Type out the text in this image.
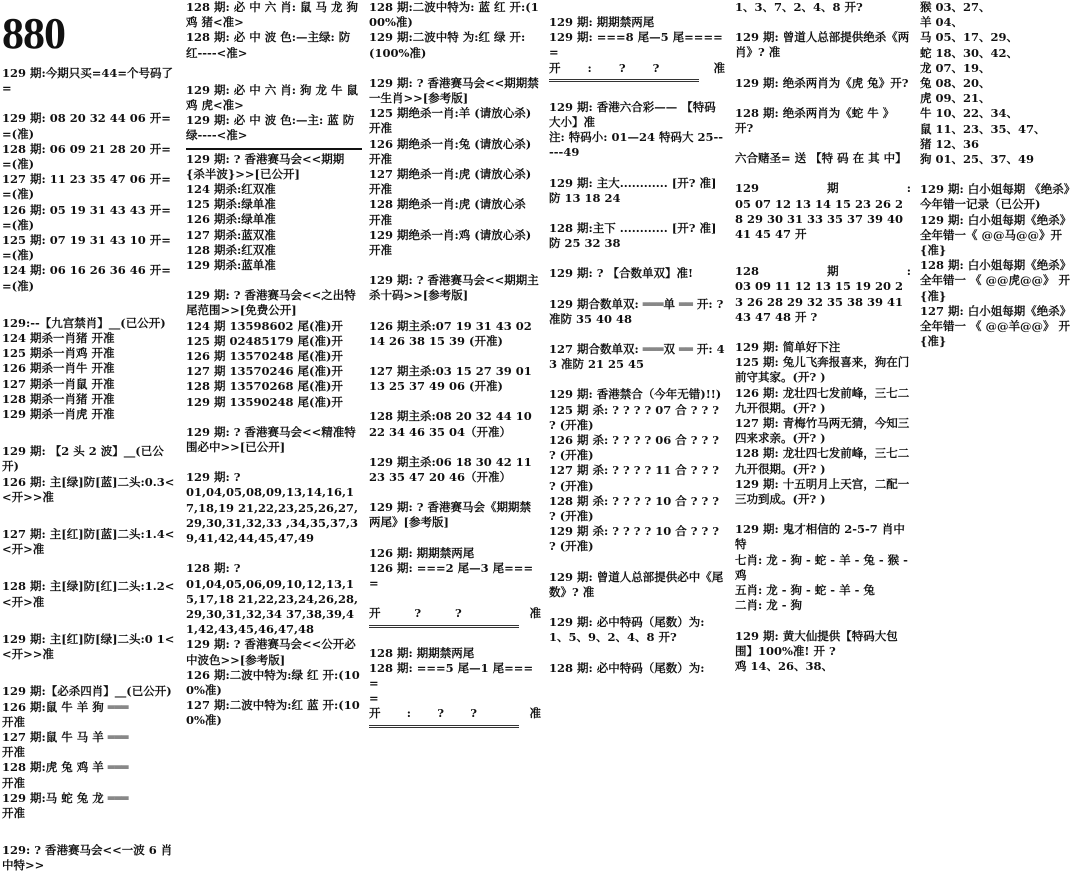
880
129 期:今期只买=44=个号码了
=
129 期: 08 20 32 44 06 开==(准)
128 期: 06 09 21 28 20 开==(准)
127 期: 11 23 35 47 06 开==(准)
126 期: 05 19 31 43 43 开==(准)
125 期: 07 19 31 43 10 开==(准)
124 期: 06 16 26 36 46 开==(准)
129:--【九宫禁肖】__(已公开)
124 期杀一肖猪 开准
125 期杀一肖鸡 开准
126 期杀一肖牛 开准
127 期杀一肖鼠 开准
128 期杀一肖猪 开准
129 期杀一肖虎 开准
129 期: 【2 头 2 波】__(已公开)
126 期: 主[绿]防[蓝]二头:0.3<<开>>准
127 期: 主[红]防[蓝]二头:1.4<<开>准
128 期: 主[绿]防[红]二头:1.2<<开>准
129 期: 主[红]防[绿]二头:0 1<<开>>准
129 期:【必杀四肖】__(已公开)
126 期:鼠 牛 羊 狗 ═══
开准
127 期:鼠 牛 马 羊 ═══
开准
128 期:虎 兔 鸡 羊 ═══
开准
129 期:马 蛇 兔 龙 ═══
开准
129: ? 香港赛马会<<一波 6 肖中特>>
128 期: 必 中 六 肖: 鼠 马 龙 狗 鸡 猪<准>
128 期: 必 中 波 色:—主绿: 防红----<准>
129 期: 必 中 六 肖: 狗 龙 牛 鼠 鸡 虎<准>
129 期: 必 中 波 色:—主: 蓝 防绿----<准>
129 期: ? 香港赛马会<<期期{杀半波}>>[已公开]
124 期杀:红双准
125 期杀:绿单准
126 期杀:绿单准
127 期杀:蓝双准
128 期杀:红双准
129 期杀:蓝单准
129 期: ? 香港赛马会<<之出特尾范围>>[免费公开]
124 期 13598602 尾(准)开
125 期 02485179 尾(准)开
126 期 13570248 尾(准)开
127 期 13570246 尾(准)开
128 期 13570268 尾(准)开
129 期 13590248 尾(准)开
129 期: ? 香港赛马会<<精准特围必中>>[已公开]
129 期: ?
01,04,05,08,09,13,14,16,17,18,19 21,22,23,25,26,27,29,30,31,32,33 ,34,35,37,39,41,42,44,45,47,49
128 期: ?
01,04,05,06,09,10,12,13,15,17,18 21,22,23,24,26,28,29,30,31,32,34 37,38,39,41,42,43,45,46,47,48
129 期: ? 香港赛马会<<公开必中波色>>[参考版]
126 期:二波中特为:绿 红 开:(100%准)
127 期:二波中特为:红 蓝 开:(100%准)
128 期:二波中特为: 蓝 红 开:(100%准)
129 期:二波中特 为:红 绿 开: (100%准)
129 期: ? 香港赛马会<<期期禁一生肖>>[参考版]
125 期绝杀一肖:羊 (请放心杀) 开准
126 期绝杀一肖:兔 (请放心杀) 开准
127 期绝杀一肖:虎 (请放心杀) 开准
128 期绝杀一肖:虎 (请放心杀 开准
129 期绝杀一肖:鸡 (请放心杀) 开准
129 期: ? 香港赛马会<<期期主杀十码>>[参考版]
126 期主杀:07 19 31 43 02 14 26 38 15 39 (开准)
127 期主杀:03 15 27 39 01 13 25 37 49 06 (开准)
128 期主杀:08 20 32 44 10 22 34 46 35 04（开准）
129 期主杀:06 18 30 42 11 23 35 47 20 46（开准）
129 期: ? 香港赛马会《期期禁两尾》[参考版]
126 期: 期期禁两尾
126 期: ===2 尾—3 尾====
开	?	?	准
128 期: 期期禁两尾
128 期: ===5 尾—1 尾====
=
开 : ? ?	准
129 期: 期期禁两尾
129 期: ===8 尾—5 尾====
=
开 : ? ?	准
129 期: 香港六合彩—— 【特码大小】准
注: 特码小: 01—24 特码大 25-----49
129 期: 主大............ [开? 准] 防 13 18 24
128 期:主下 ............ [开? 准] 防 25 32 38
129 期: ? 【合数单双】准!
129 期合数单双: ═══单 ══ 开: ? 准防 35 40 48
127 期合数单双: ═══双 ══ 开: 43 准防 21 25 45
129 期: 香港禁合（今年无错)!!)
125 期 杀: ? ? ? ? 07 合 ? ? ? ? (开准)
126 期 杀: ? ? ? ? 06 合 ? ? ? ? (开准)
127 期 杀: ? ? ? ? 11 合 ? ? ? ? (开准)
128 期 杀: ? ? ? ? 10 合 ? ? ? ? (开准)
129 期 杀: ? ? ? ? 10 合 ? ? ? ? (开准)
129 期: 曾道人总部提供必中《尾数》? 准
129 期: 必中特码（尾数）为: 1、5、9、2、4、8 开?
128 期: 必中特码（尾数）为:
1、3、7、2、4、8 开?
129 期: 曾道人总部提供绝杀《两肖》? 准
129 期: 绝杀两肖为《虎 兔》开?
128 期: 绝杀两肖为《蛇 牛 》开?
六合赌圣= 送 【特 码 在 其 中】
129	期	:
05 07 12 13 14 15 23 26 28 29 30 31 33 35 37 39 40 41 45 47 开
128	期	:
03 09 11 12 13 15 19 20 23 26 28 29 32 35 38 39 41 43 47 48 开 ?
129 期: 简单好下注
125 期: 兔儿飞奔报喜来，狗在门前守其家。(开? )
126 期: 龙壮四七发前峰，三七二九开很期。(开? )
127 期: 青梅竹马两无猜，今知三四来求亲。(开? )
128 期: 龙壮四七发前峰，三七二九开很期。(开? )
129 期: 十五明月上天宫，二配一三功到成。(开? )
129 期: 鬼才相信的 2-5-7 肖中特
七肖: 龙 - 狗 - 蛇 - 羊 - 兔 - 猴 - 鸡
五肖: 龙 - 狗 - 蛇 - 羊 - 兔
二肖: 龙 - 狗
129 期: 黄大仙提供【特码大包围】100%准! 开 ?
鸡 14、26、38、
猴 03、27、
羊 04、
马 05、17、29、
蛇 18、30、42、
龙 07、19、
兔 08、20、
虎 09、21、
牛 10、22、34、
鼠 11、23、35、47、
猪 12、36
狗 01、25、37、49
129 期: 白小姐每期 《绝杀》今年错一记录（已公开)
129 期: 白小姐每期《绝杀》全年错一《 @@马@@》开 {准}
128 期: 白小姐每期《绝杀》全年错一 《 @@虎@@》 开 {准}
127 期: 白小姐每期《绝杀》全年错一 《 @@羊@@》 开 {准}
